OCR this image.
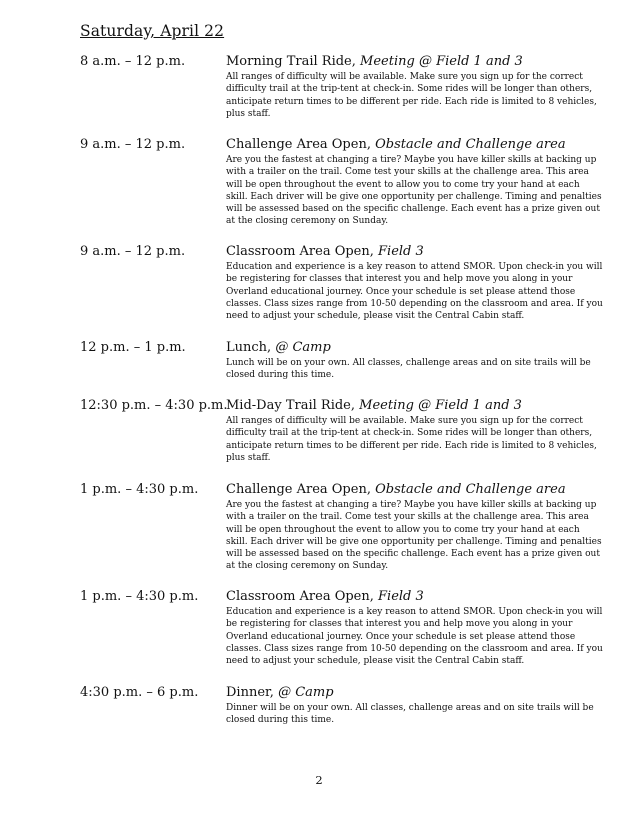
Saturday, April 22
8 a.m. – 12 p.m.	Morning Trail Ride, Meeting @ Field 1 and 3
All ranges of difficulty will be available. Make sure you sign up for the correct difficulty trail at the trip-tent at check-in. Some rides will be longer than others, anticipate return times to be different per ride. Each ride is limited to 8 vehicles, plus staff.
9 a.m. – 12 p.m.	Challenge Area Open, Obstacle and Challenge area
Are you the fastest at changing a tire? Maybe you have killer skills at backing up with a trailer on the trail. Come test your skills at the challenge area. This area will be open throughout the event to allow you to come try your hand at each skill. Each driver will be give one opportunity per challenge. Timing and penalties will be assessed based on the specific challenge. Each event has a prize given out at the closing ceremony on Sunday.
9 a.m. – 12 p.m.	Classroom Area Open, Field 3
Education and experience is a key reason to attend SMOR. Upon check-in you will be registering for classes that interest you and help move you along in your Overland educational journey. Once your schedule is set please attend those classes. Class sizes range from 10-50 depending on the classroom and area. If you need to adjust your schedule, please visit the Central Cabin staff.
12 p.m. – 1 p.m.	Lunch, @ Camp
Lunch will be on your own. All classes, challenge areas and on site trails will be closed during this time.
12:30 p.m. – 4:30 p.m.
Mid-Day Trail Ride, Meeting @ Field 1 and 3
All ranges of difficulty will be available. Make sure you sign up for the correct difficulty trail at the trip-tent at check-in. Some rides will be longer than others, anticipate return times to be different per ride. Each ride is limited to 8 vehicles, plus staff.
1 p.m. – 4:30 p.m. Challenge Area Open, Obstacle and Challenge area
Are you the fastest at changing a tire? Maybe you have killer skills at backing up with a trailer on the trail. Come test your skills at the challenge area. This area will be open throughout the event to allow you to come try your hand at each skill. Each driver will be give one opportunity per challenge. Timing and penalties will be assessed based on the specific challenge. Each event has a prize given out at the closing ceremony on Sunday.
1 p.m. – 4:30 p.m. Classroom Area Open, Field 3
Education and experience is a key reason to attend SMOR. Upon check-in you will be registering for classes that interest you and help move you along in your Overland educational journey. Once your schedule is set please attend those classes. Class sizes range from 10-50 depending on the classroom and area. If you need to adjust your schedule, please visit the Central Cabin staff.
4:30 p.m. – 6 p.m. Dinner, @ Camp
Dinner will be on your own. All classes, challenge areas and on site trails will be closed during this time.
2
